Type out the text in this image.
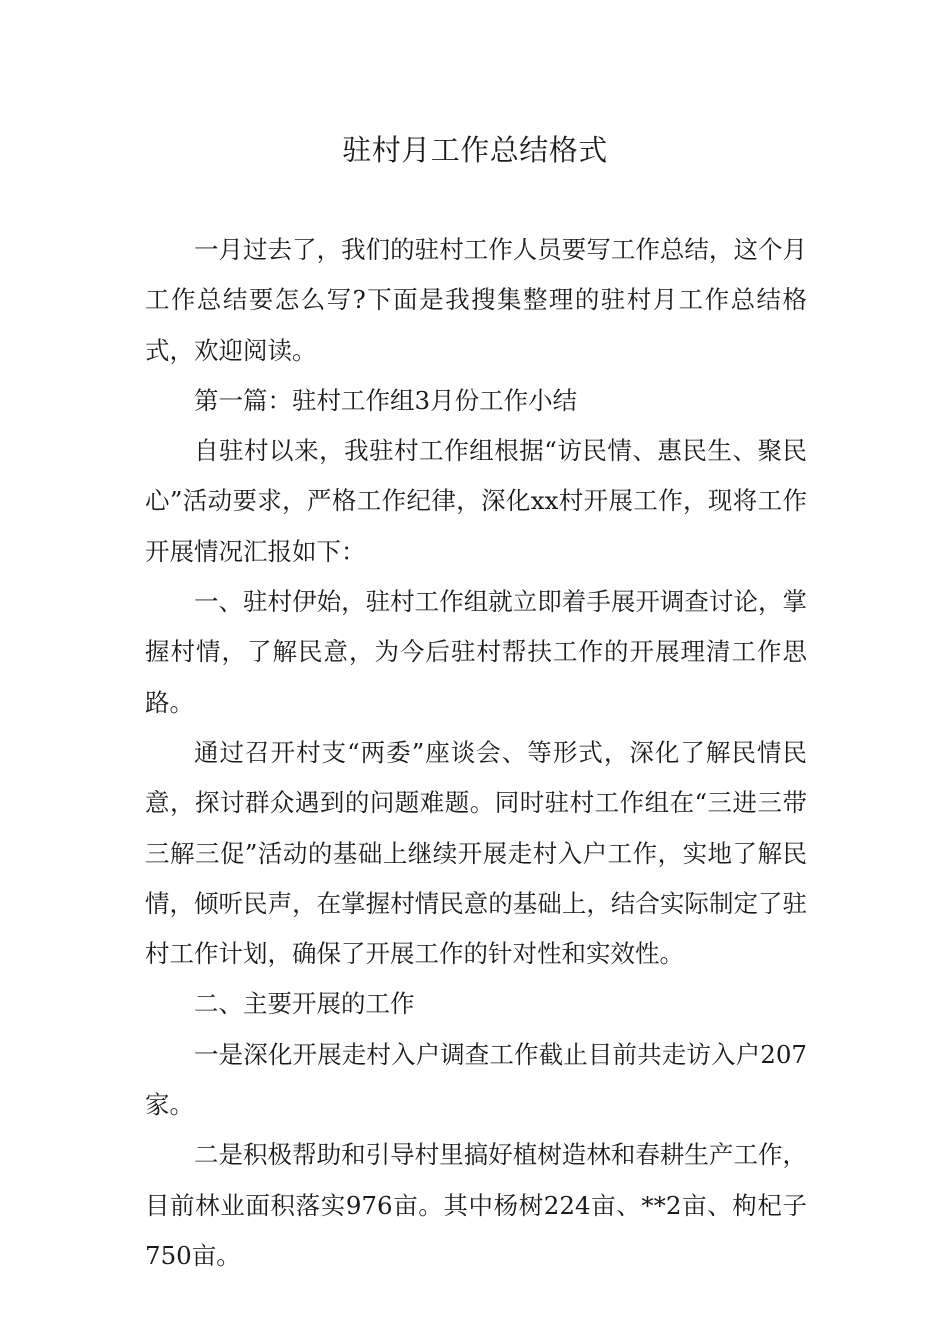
驻村月工作总结格式

一月过去了，我们的驻村工作人员要写工作总结，这个月工作总结要怎么写?下面是我搜集整理的驻村月工作总结格式，欢迎阅读。

第一篇：驻村工作组3月份工作小结

自驻村以来，我驻村工作组根据“访民情、惠民生、聚民心”活动要求，严格工作纪律，深化xx村开展工作，现将工作开展情况汇报如下：

一、驻村伊始，驻村工作组就立即着手展开调查讨论，掌握村情，了解民意，为今后驻村帮扶工作的开展理清工作思路。

通过召开村支“两委”座谈会、等形式，深化了解民情民意，探讨群众遇到的问题难题。同时驻村工作组在“三进三带三解三促”活动的基础上继续开展走村入户工作，实地了解民情，倾听民声，在掌握村情民意的基础上，结合实际制定了驻村工作计划，确保了开展工作的针对性和实效性。

二、主要开展的工作

一是深化开展走村入户调查工作截止目前共走访入户207家。

二是积极帮助和引导村里搞好植树造林和春耕生产工作，目前林业面积落实976亩。其中杨树224亩、**2亩、枸杞子750亩。
